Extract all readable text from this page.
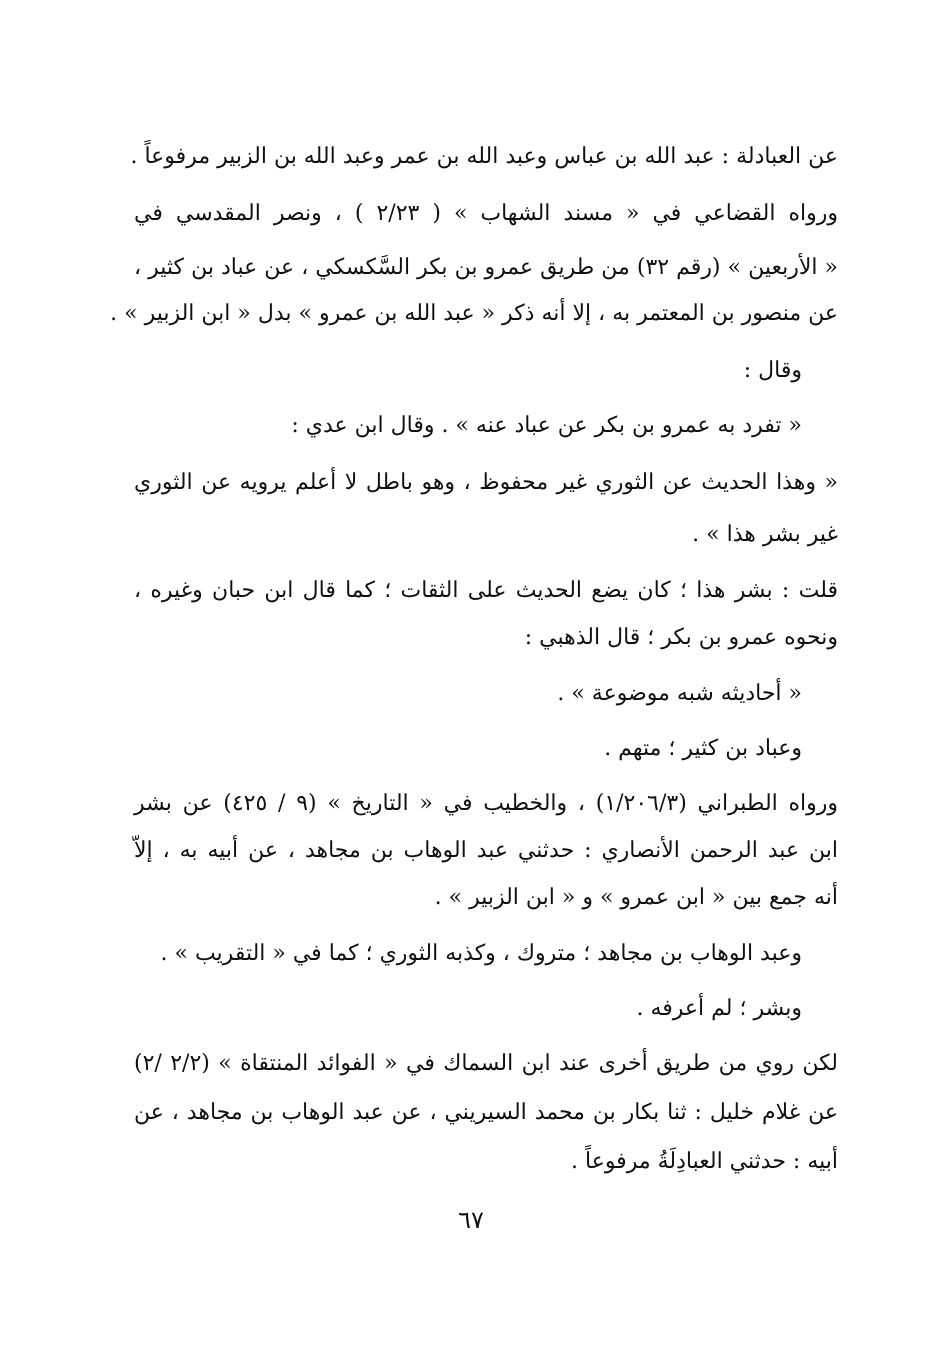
عن العبادلة : عبد الله بن عباس وعبد الله بن عمر وعبد الله بن الزبير مرفوعاً .
ورواه القضاعي في « مسند الشهاب » ( ٢/٢٣ ) ، ونصر المقدسي في
« الأربعين » (رقم ٣٢) من طريق عمرو بن بكر السَّكسكي ، عن عباد بن كثير ،
عن منصور بن المعتمر به ، إلا أنه ذكر « عبد الله بن عمرو » بدل « ابن الزبير » .
وقال :
« تفرد به عمرو بن بكر عن عباد عنه » . وقال ابن عدي :
« وهذا الحديث عن الثوري غير محفوظ ، وهو باطل لا أعلم يرويه عن الثوري
غير بشر هذا » .
قلت : بشر هذا ؛ كان يضع الحديث على الثقات ؛ كما قال ابن حبان وغيره ،
ونحوه عمرو بن بكر ؛ قال الذهبي :
« أحاديثه شبه موضوعة » .
وعباد بن كثير ؛ متهم .
ورواه الطبراني (١/٢٠٦/٣) ، والخطيب في « التاريخ » (٩ / ٤٢٥) عن بشر
ابن عبد الرحمن الأنصاري : حدثني عبد الوهاب بن مجاهد ، عن أبيه به ، إلاّ
أنه جمع بين « ابن عمرو » و « ابن الزبير » .
وعبد الوهاب بن مجاهد ؛ متروك ، وكذبه الثوري ؛ كما في « التقريب » .
وبشر ؛ لم أعرفه .
لكن روي من طريق أخرى عند ابن السماك في « الفوائد المنتقاة » (٢/٢ /٢)
عن غلام خليل : ثنا بكار بن محمد السيريني ، عن عبد الوهاب بن مجاهد ، عن
أبيه : حدثني العبادِلَةُ مرفوعاً .
٦٧
